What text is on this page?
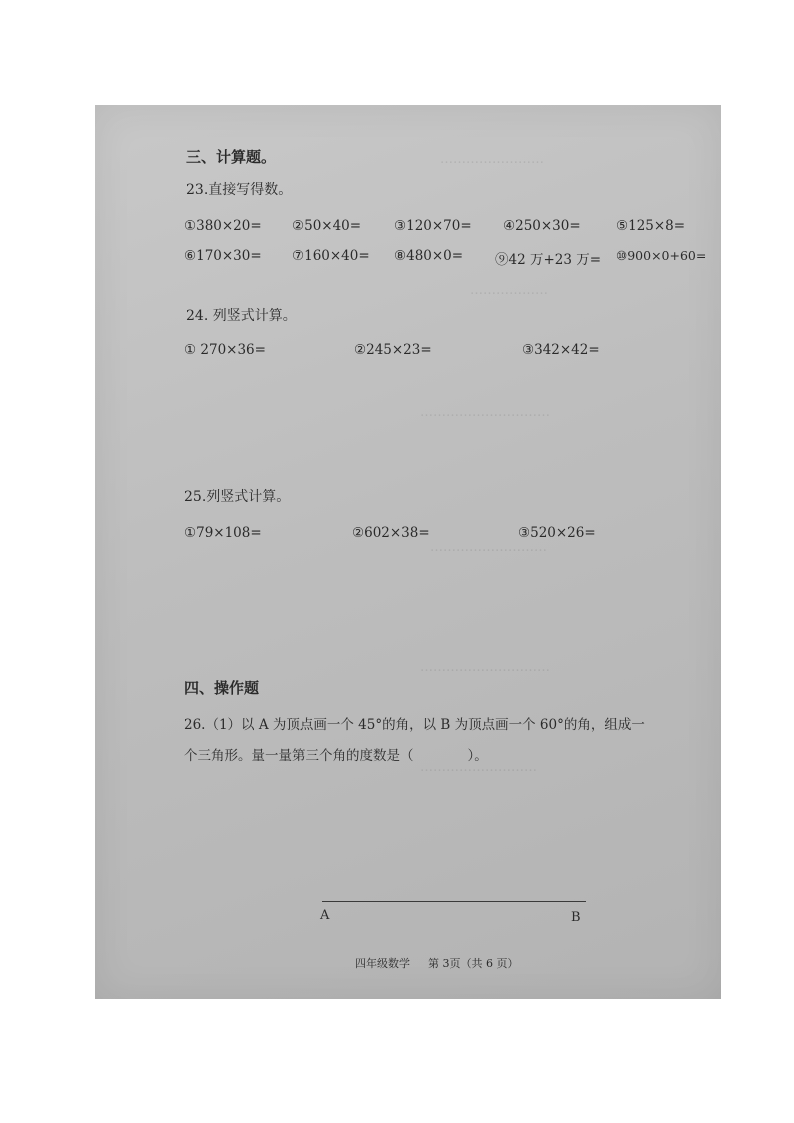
……………………
………………
…………………………
………………………
…………………………
………………………
三、计算题。
23.直接写得数。
①380×20= ②50×40= ③120×70= ④250×30=	⑤125×8=
⑥170×30= ⑦160×40= ⑧480×0= ⑨42 万+23 万= ⑩900×0+60=
24. 列竖式计算。
① 270×36=	②245×23=	③342×42=
25.列竖式计算。
①79×108=	②602×38=	③520×26=
四、操作题
26.（1）以 A 为顶点画一个 45°的角，以 B 为顶点画一个 60°的角，组成一
个三角形。量一量第三个角的度数是（　　　　）。
A	B
四年级数学 第 3页（共 6 页）
